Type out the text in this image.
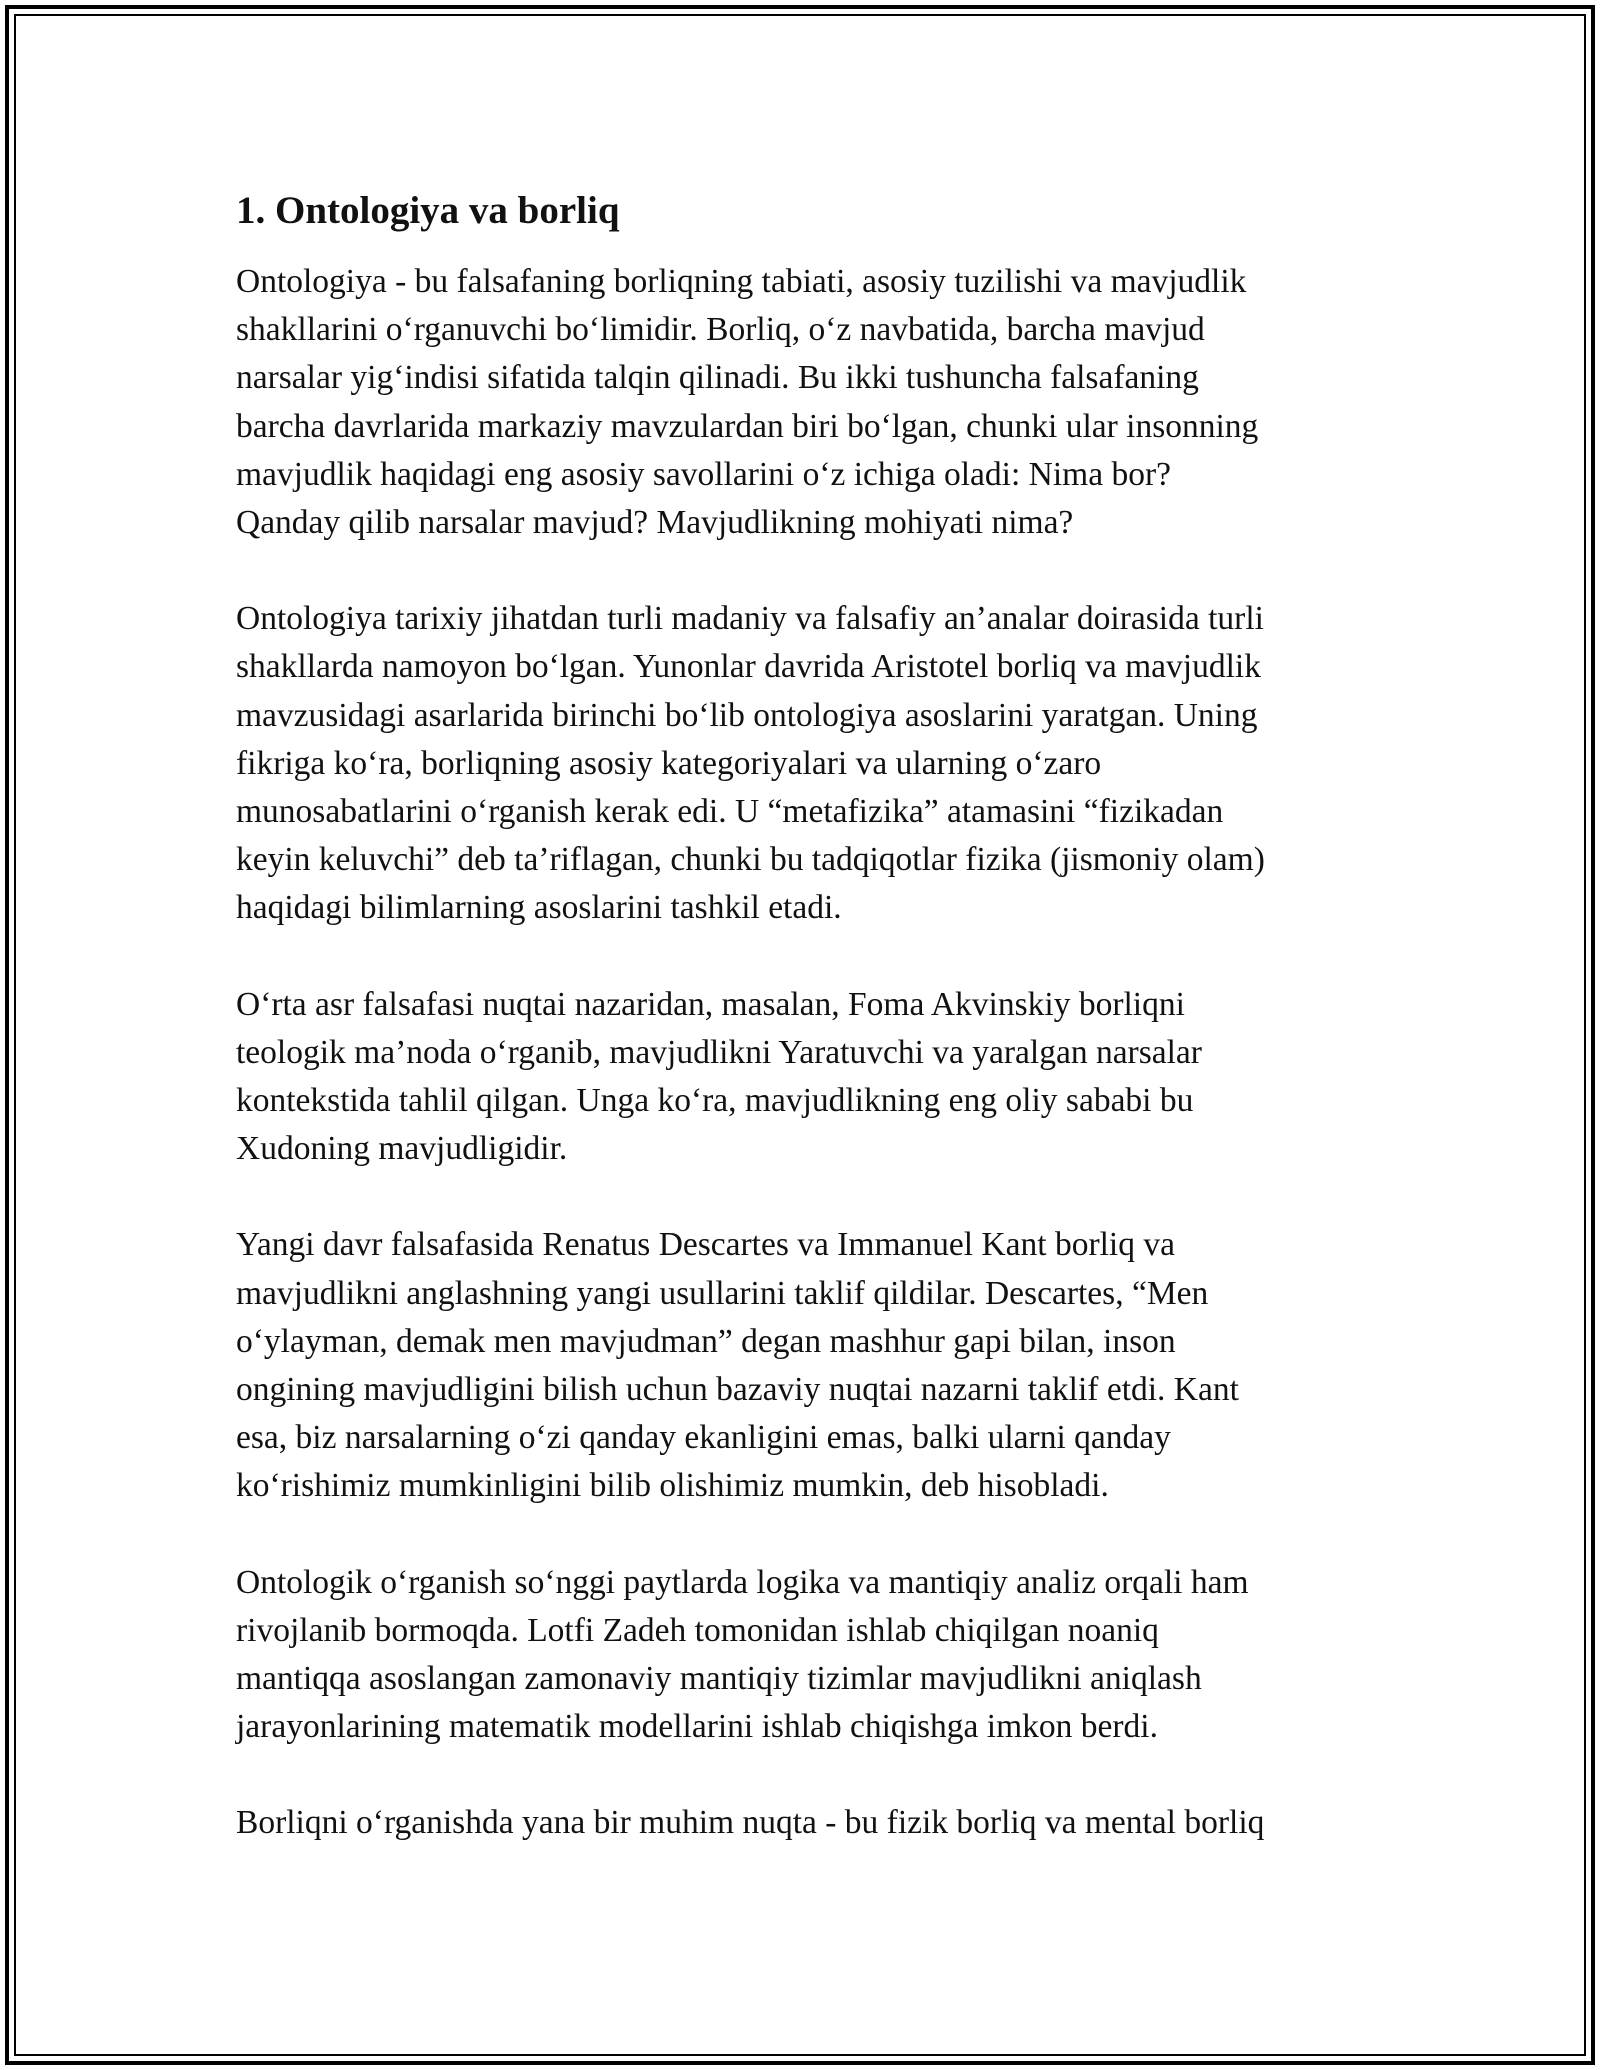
1. Ontologiya va borliq

Ontologiya - bu falsafaning borliqning tabiati, asosiy tuzilishi va mavjudlik
shakllarini o‘rganuvchi bo‘limidir. Borliq, o‘z navbatida, barcha mavjud
narsalar yig‘indisi sifatida talqin qilinadi. Bu ikki tushuncha falsafaning
barcha davrlarida markaziy mavzulardan biri bo‘lgan, chunki ular insonning
mavjudlik haqidagi eng asosiy savollarini o‘z ichiga oladi: Nima bor?
Qanday qilib narsalar mavjud? Mavjudlikning mohiyati nima?

Ontologiya tarixiy jihatdan turli madaniy va falsafiy an’analar doirasida turli
shakllarda namoyon bo‘lgan. Yunonlar davrida Aristotel borliq va mavjudlik
mavzusidagi asarlarida birinchi bo‘lib ontologiya asoslarini yaratgan. Uning
fikriga ko‘ra, borliqning asosiy kategoriyalari va ularning o‘zaro
munosabatlarini o‘rganish kerak edi. U “metafizika” atamasini “fizikadan
keyin keluvchi” deb ta’riflagan, chunki bu tadqiqotlar fizika (jismoniy olam)
haqidagi bilimlarning asoslarini tashkil etadi.

O‘rta asr falsafasi nuqtai nazaridan, masalan, Foma Akvinskiy borliqni
teologik ma’noda o‘rganib, mavjudlikni Yaratuvchi va yaralgan narsalar
kontekstida tahlil qilgan. Unga ko‘ra, mavjudlikning eng oliy sababi bu
Xudoning mavjudligidir.

Yangi davr falsafasida Renatus Descartes va Immanuel Kant borliq va
mavjudlikni anglashning yangi usullarini taklif qildilar. Descartes, “Men
o‘ylayman, demak men mavjudman” degan mashhur gapi bilan, inson
ongining mavjudligini bilish uchun bazaviy nuqtai nazarni taklif etdi. Kant
esa, biz narsalarning o‘zi qanday ekanligini emas, balki ularni qanday
ko‘rishimiz mumkinligini bilib olishimiz mumkin, deb hisobladi.

Ontologik o‘rganish so‘nggi paytlarda logika va mantiqiy analiz orqali ham
rivojlanib bormoqda. Lotfi Zadeh tomonidan ishlab chiqilgan noaniq
mantiqqa asoslangan zamonaviy mantiqiy tizimlar mavjudlikni aniqlash
jarayonlarining matematik modellarini ishlab chiqishga imkon berdi.

Borliqni o‘rganishda yana bir muhim nuqta - bu fizik borliq va mental borliq
